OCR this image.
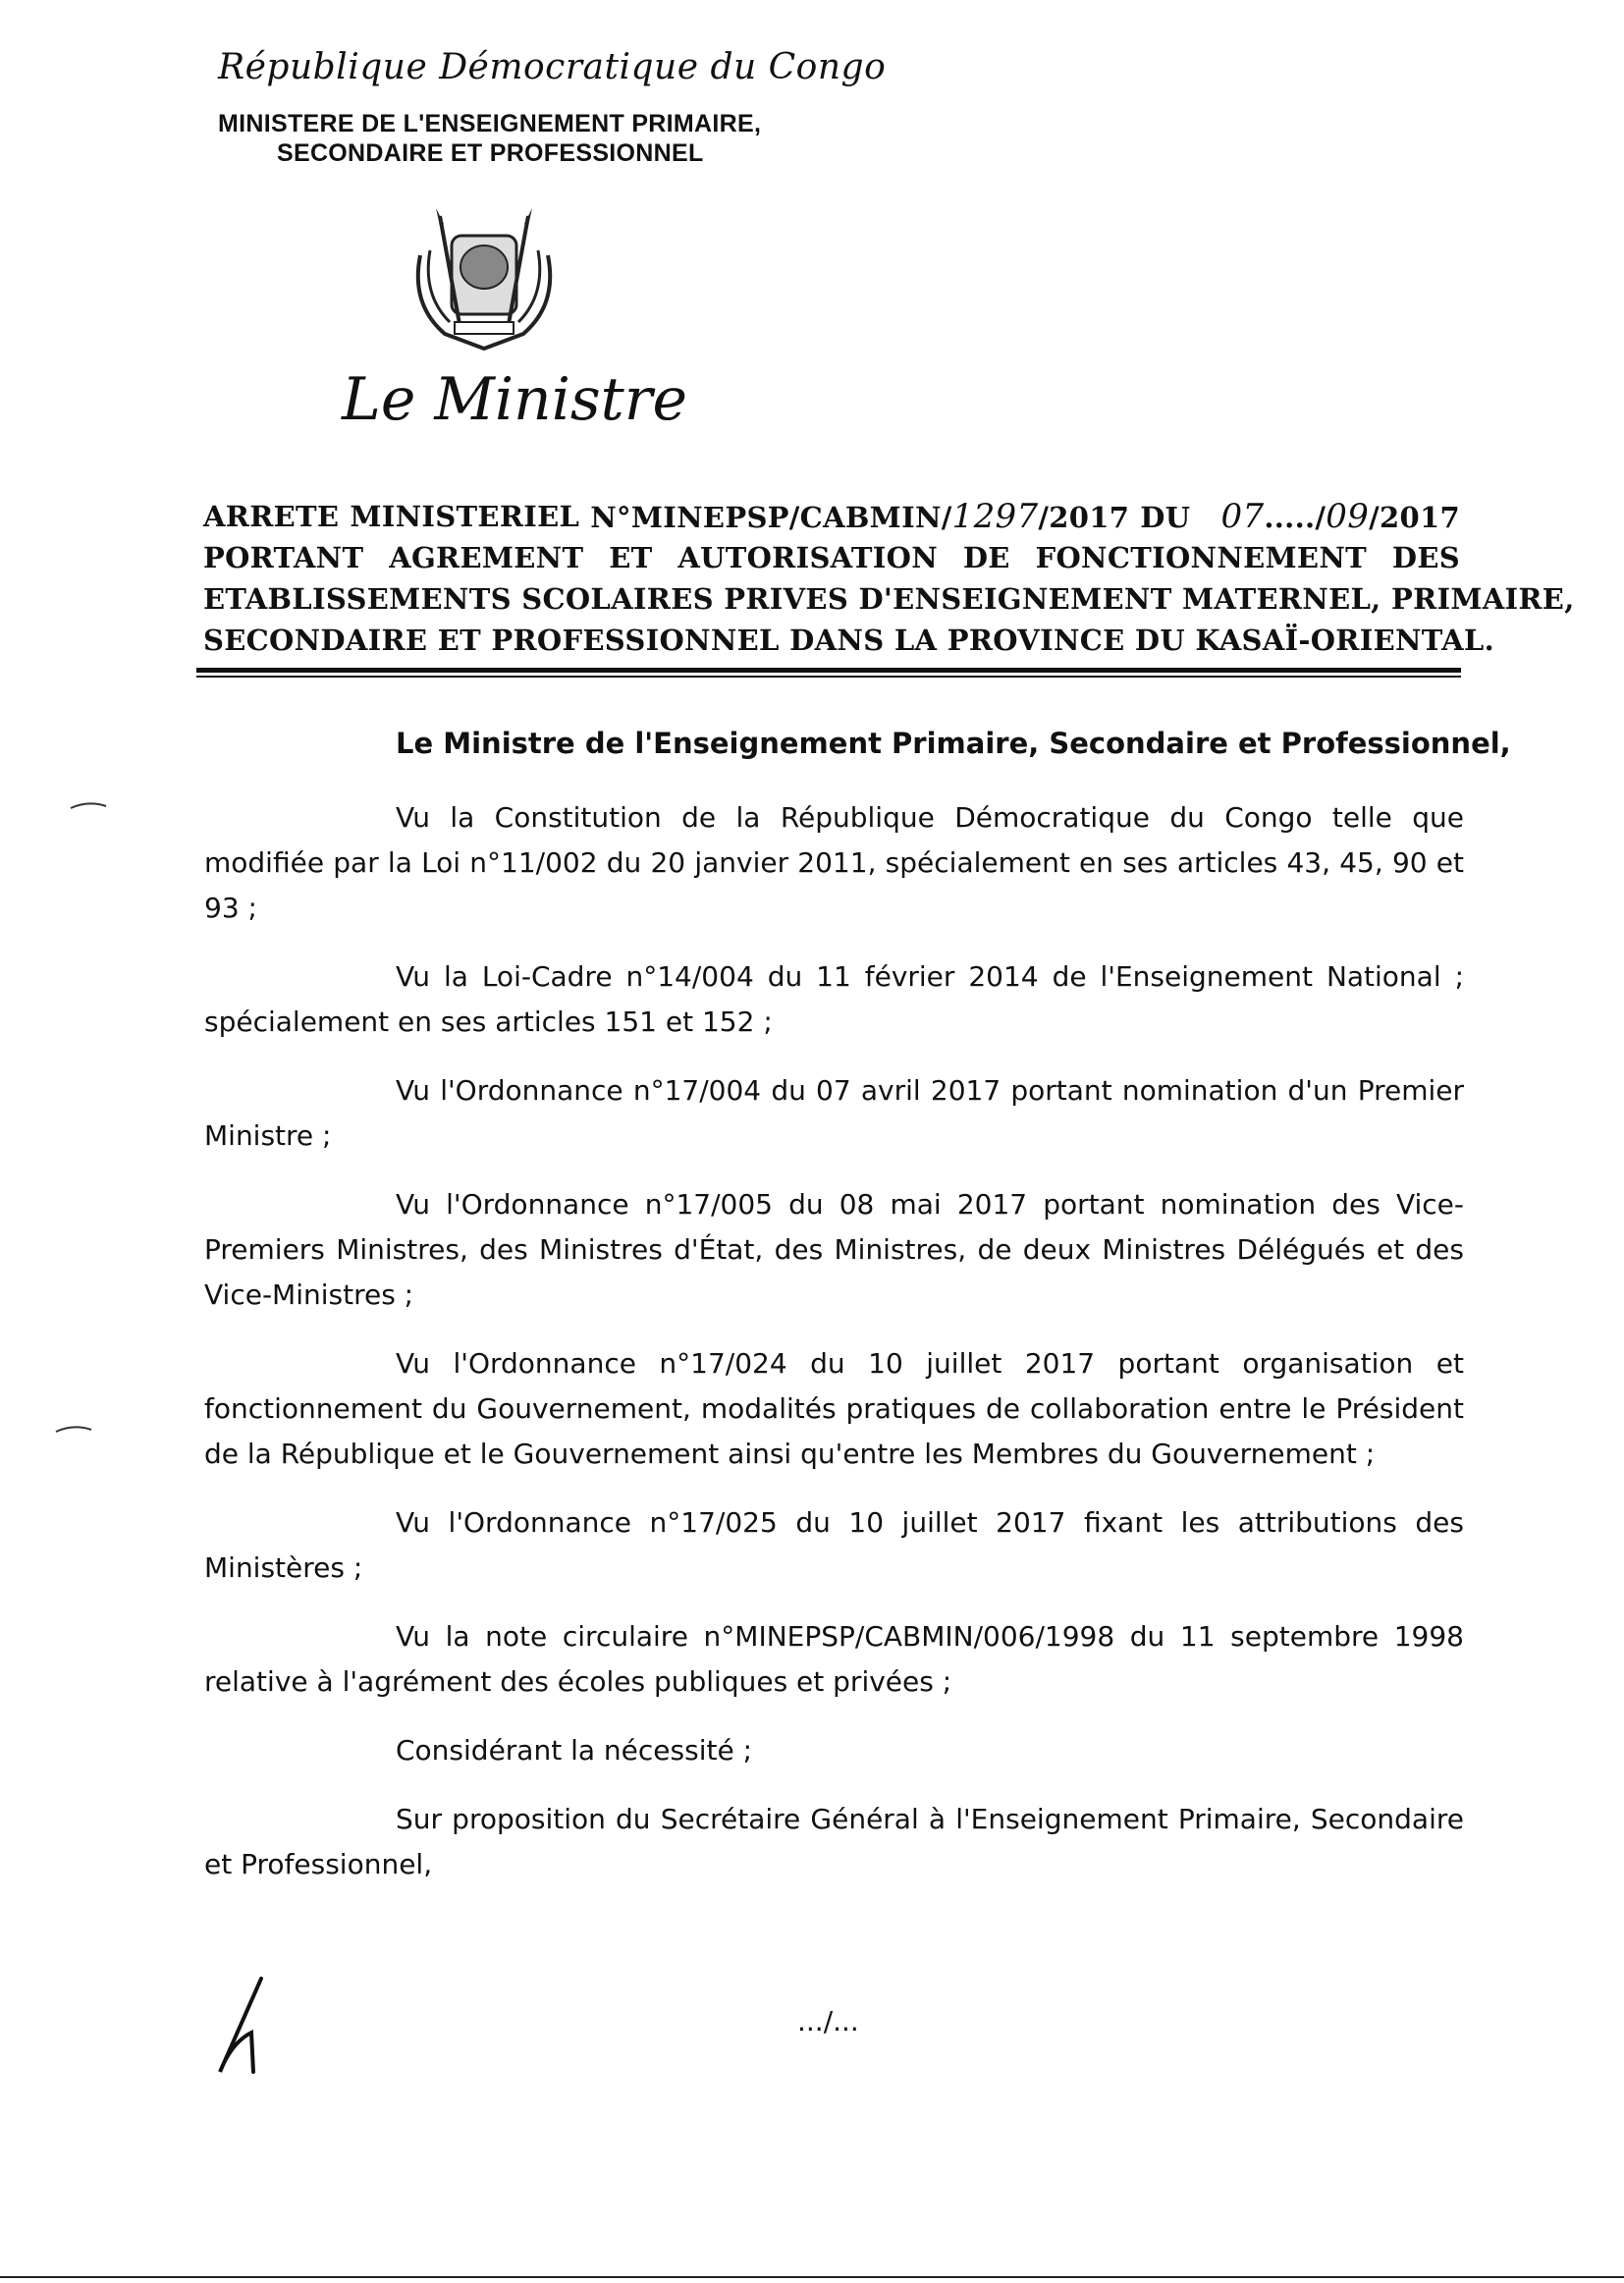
République Démocratique du Congo
MINISTERE DE L'ENSEIGNEMENT PRIMAIRE,
SECONDAIRE ET PROFESSIONNEL
Le Ministre
ARRETE MINISTERIEL N°MINEPSP/CABMIN/1297/2017 DU 07...../09/2017
PORTANT AGREMENT ET AUTORISATION DE FONCTIONNEMENT DES
ETABLISSEMENTS SCOLAIRES PRIVES D'ENSEIGNEMENT MATERNEL, PRIMAIRE,
SECONDAIRE ET PROFESSIONNEL DANS LA PROVINCE DU KASAÏ-ORIENTAL.
Le Ministre de l'Enseignement Primaire, Secondaire et Professionnel,

Vu la Constitution de la République Démocratique du Congo telle que modifiée par la Loi n°11/002 du 20 janvier 2011, spécialement en ses articles 43, 45, 90 et 93 ;

Vu la Loi-Cadre n°14/004 du 11 février 2014 de l'Enseignement National ; spécialement en ses articles 151 et 152 ;

Vu l'Ordonnance n°17/004 du 07 avril 2017 portant nomination d'un Premier Ministre ;

Vu l'Ordonnance n°17/005 du 08 mai 2017 portant nomination des Vice-Premiers Ministres, des Ministres d'État, des Ministres, de deux Ministres Délégués et des Vice-Ministres ;

Vu l'Ordonnance n°17/024 du 10 juillet 2017 portant organisation et fonctionnement du Gouvernement, modalités pratiques de collaboration entre le Président de la République et le Gouvernement ainsi qu'entre les Membres du Gouvernement ;

Vu l'Ordonnance n°17/025 du 10 juillet 2017 fixant les attributions des Ministères ;

Vu la note circulaire n°MINEPSP/CABMIN/006/1998 du 11 septembre 1998 relative à l'agrément des écoles publiques et privées ;

Considérant la nécessité ;

Sur proposition du Secrétaire Général à l'Enseignement Primaire, Secondaire et Professionnel,

.../...
